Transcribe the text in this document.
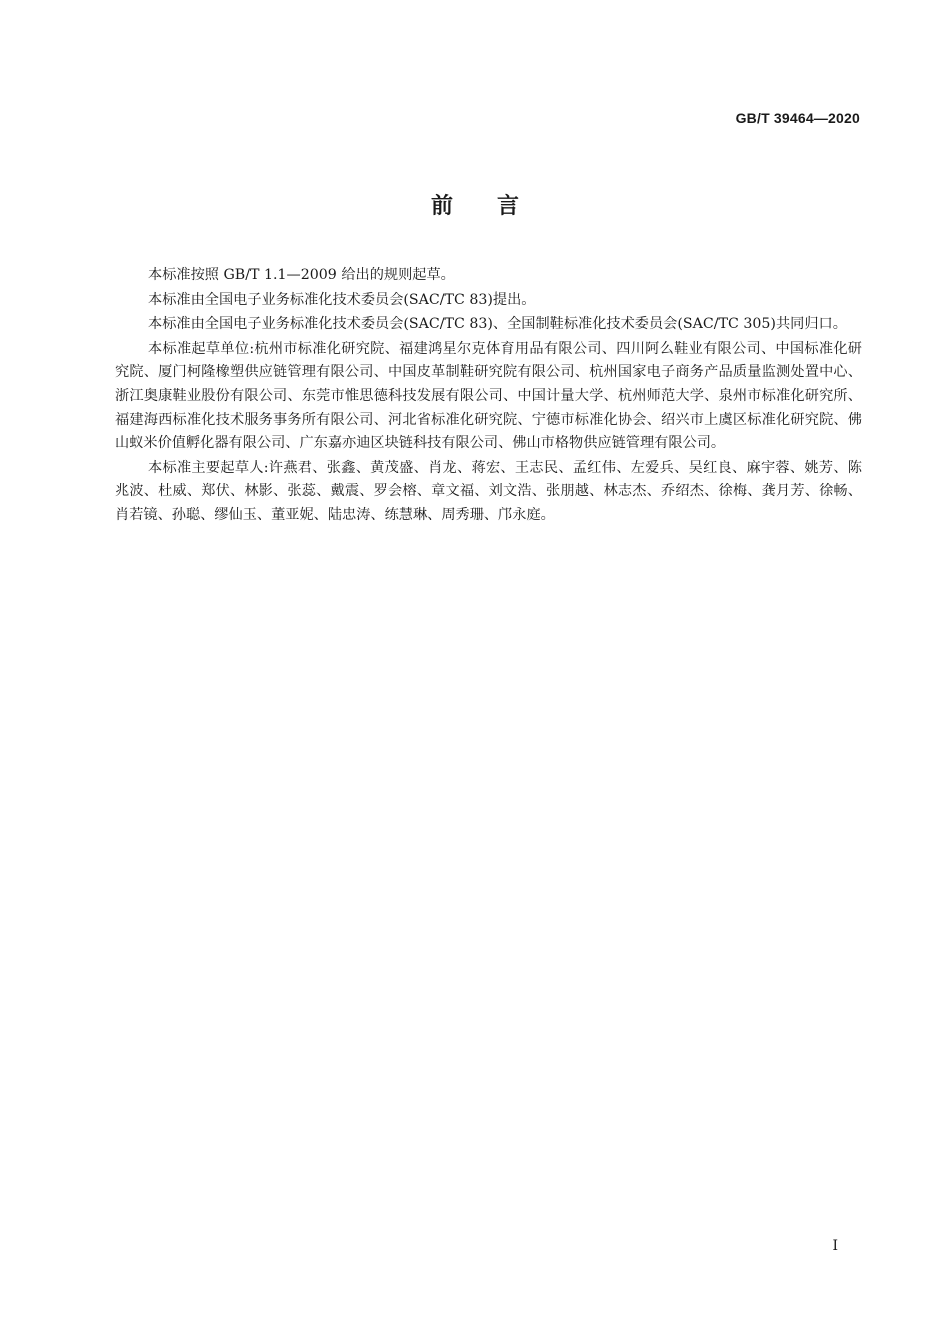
GB/T 39464—2020
前言

本标准按照 GB/T 1.1—2009 给出的规则起草。

本标准由全国电子业务标准化技术委员会(SAC/TC 83)提出。

本标准由全国电子业务标准化技术委员会(SAC/TC 83)、全国制鞋标准化技术委员会(SAC/TC 305)共同归口。

本标准起草单位:杭州市标准化研究院、福建鸿星尔克体育用品有限公司、四川阿么鞋业有限公司、中国标准化研究院、厦门柯隆橡塑供应链管理有限公司、中国皮革制鞋研究院有限公司、杭州国家电子商务产品质量监测处置中心、浙江奥康鞋业股份有限公司、东莞市惟思德科技发展有限公司、中国计量大学、杭州师范大学、泉州市标准化研究所、福建海西标准化技术服务事务所有限公司、河北省标准化研究院、宁德市标准化协会、绍兴市上虞区标准化研究院、佛山蚁米价值孵化器有限公司、广东嘉亦迪区块链科技有限公司、佛山市格物供应链管理有限公司。

本标准主要起草人:许燕君、张鑫、黄茂盛、肖龙、蒋宏、王志民、孟红伟、左爱兵、吴红良、麻宇蓉、姚芳、陈兆波、杜威、郑伏、林影、张蕊、戴震、罗会榕、章文福、刘文浩、张朋越、林志杰、乔绍杰、徐梅、龚月芳、徐畅、肖若镜、孙聪、缪仙玉、董亚妮、陆忠涛、练慧琳、周秀珊、邝永庭。

I
